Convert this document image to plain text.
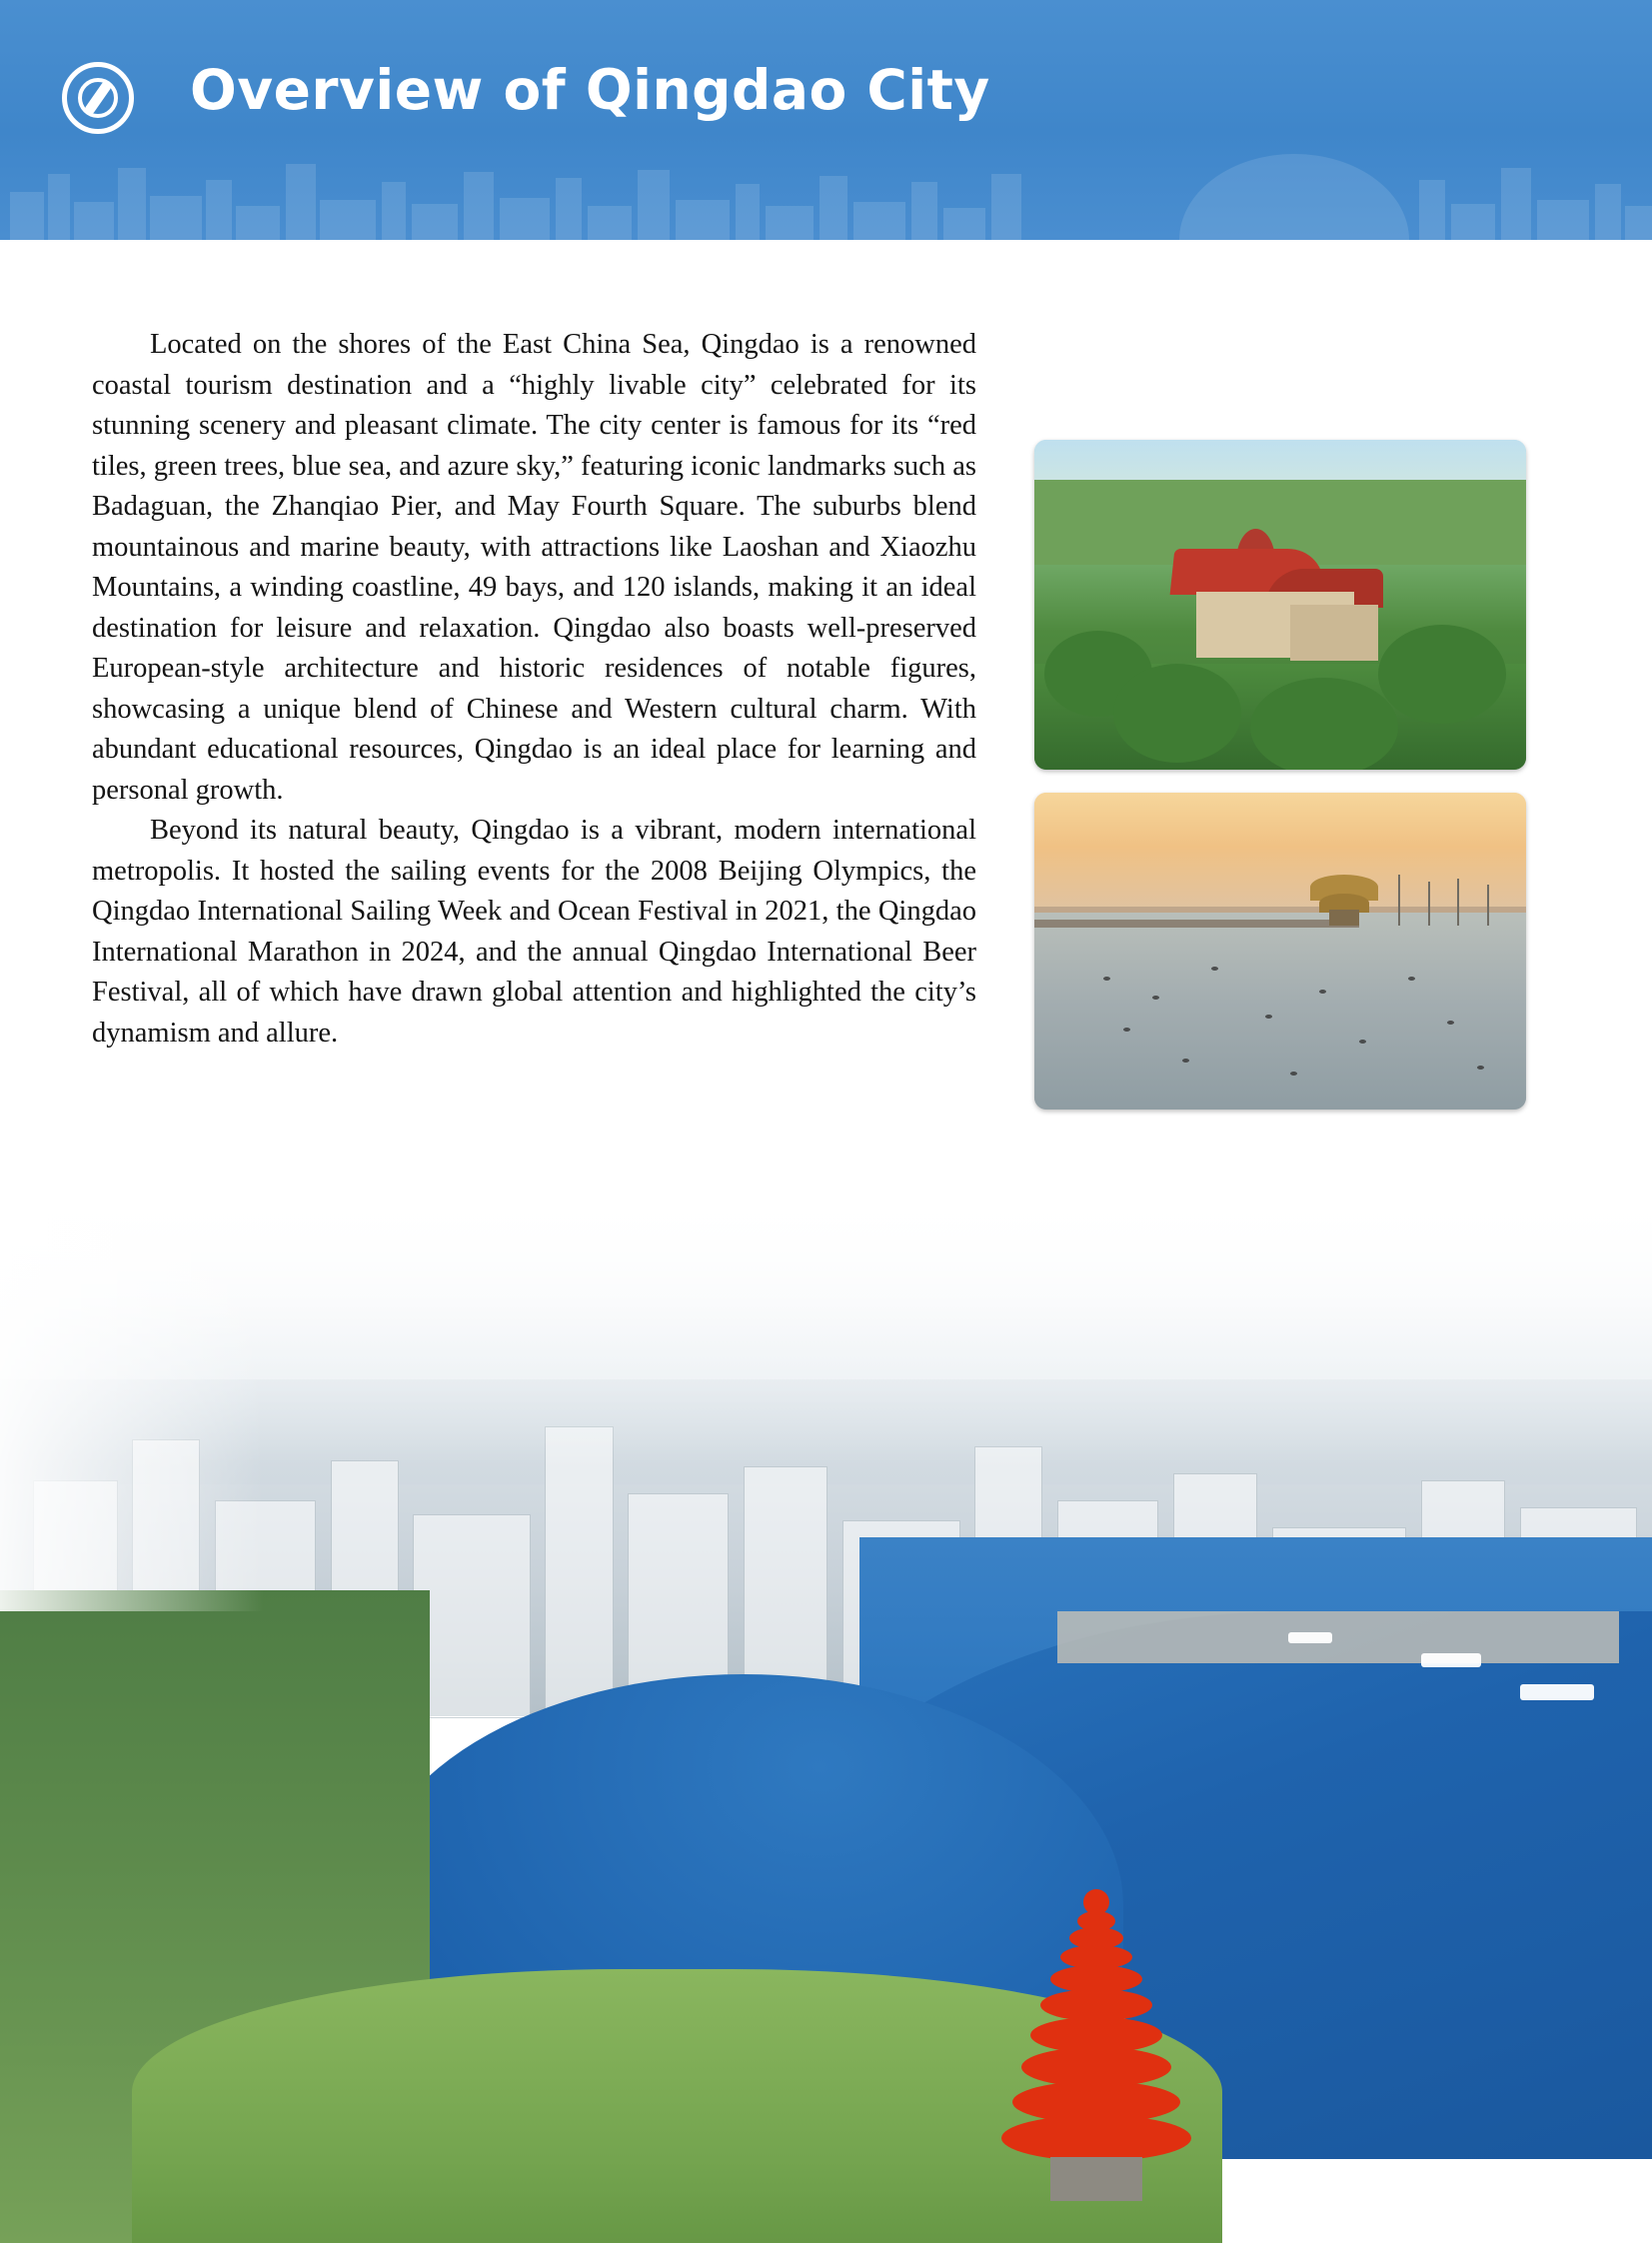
Overview of Qingdao City

Located on the shores of the East China Sea, Qingdao is a renowned coastal tourism destination and a “highly livable city” celebrated for its stunning scenery and pleasant climate. The city center is famous for its “red tiles, green trees, blue sea, and azure sky,” featuring iconic landmarks such as Badaguan, the Zhanqiao Pier, and May Fourth Square. The suburbs blend mountainous and marine beauty, with attractions like Laoshan and Xiaozhu Mountains, a winding coastline, 49 bays, and 120 islands, making it an ideal destination for leisure and relaxation. Qingdao also boasts well-preserved European-style architecture and historic residences of notable figures, showcasing a unique blend of Chinese and Western cultural charm. With abundant educational resources, Qingdao is an ideal place for learning and personal growth.

Beyond its natural beauty, Qingdao is a vibrant, modern international metropolis. It hosted the sailing events for the 2008 Beijing Olympics, the Qingdao International Sailing Week and Ocean Festival in 2021, the Qingdao International Marathon in 2024, and the annual Qingdao International Beer Festival, all of which have drawn global attention and highlighted the city’s dynamism and allure.
